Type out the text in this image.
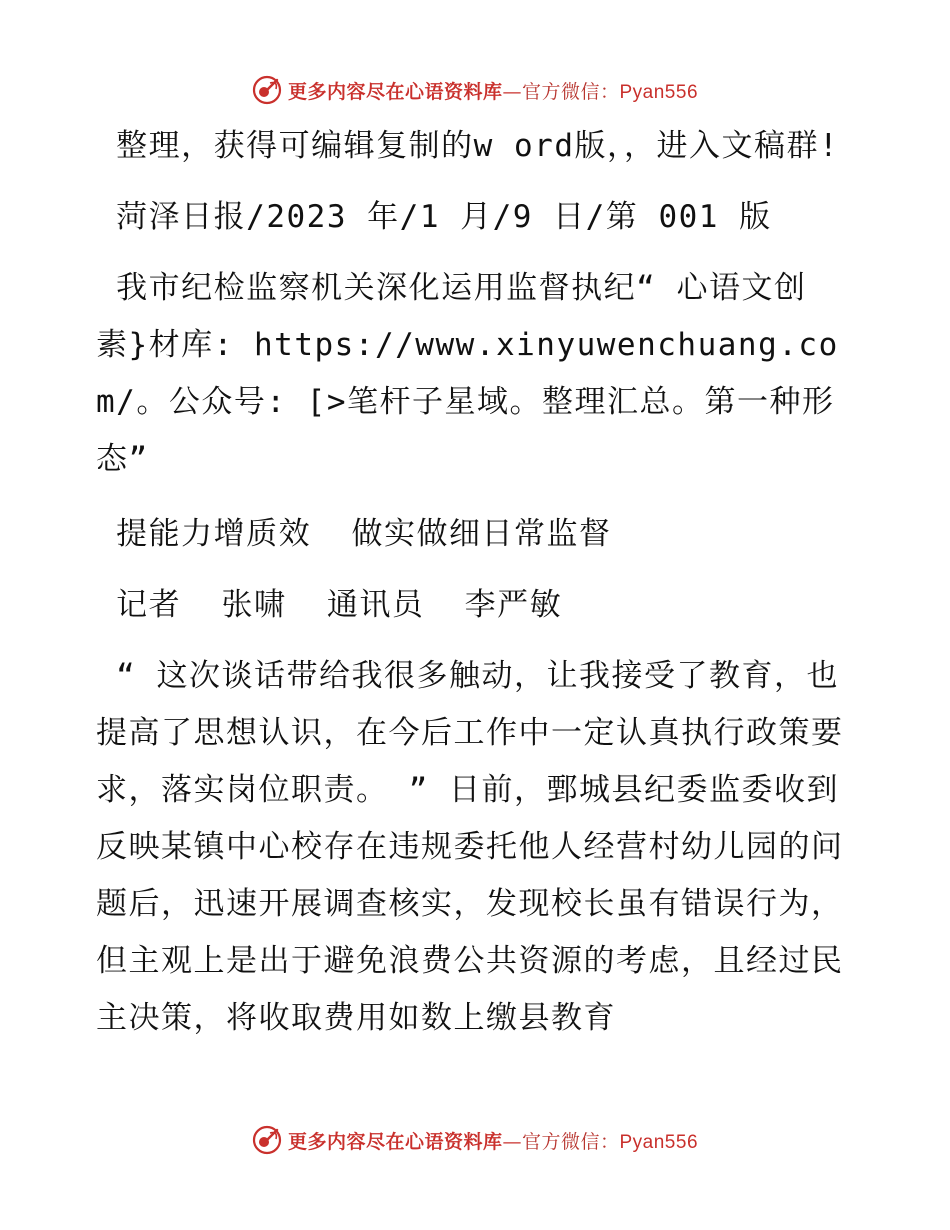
更多内容尽在心语资料库—官方微信：Pyan556

整理，获得可编辑复制的w ord版，，进入文稿群!

菏泽日报/2023 年/1 月/9 日/第 001 版

我市纪检监察机关深化运用监督执纪“ 心语文创素}材库: https://www.xinyuwenchuang.com/。公众号: [>笔杆子星域。整理汇总。第一种形态”

提能力增质效  做实做细日常监督

记者  张啸  通讯员  李严敏

“ 这次谈话带给我很多触动，让我接受了教育，也提高了思想认识，在今后工作中一定认真执行政策要求，落实岗位职责。 ” 日前，鄄城县纪委监委收到反映某镇中心校存在违规委托他人经营村幼儿园的问题后，迅速开展调查核实，发现校长虽有错误行为，但主观上是出于避免浪费公共资源的考虑，且经过民主决策，将收取费用如数上缴县教育

更多内容尽在心语资料库—官方微信：Pyan556
